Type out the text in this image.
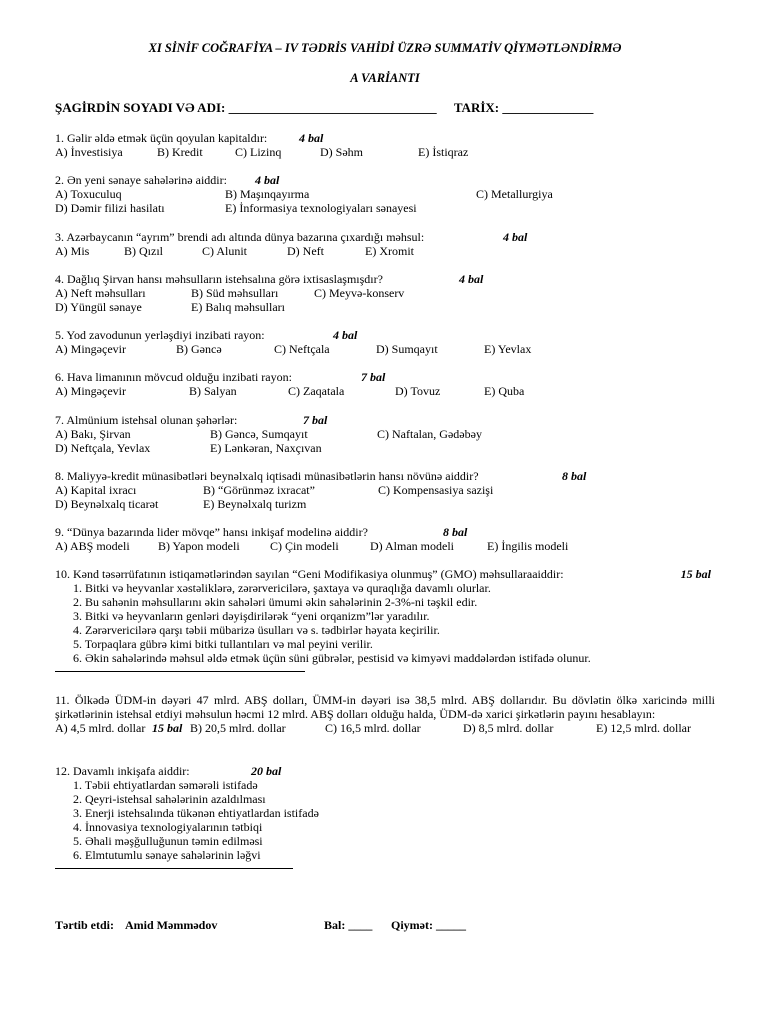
XI SİNİF COĞRAFİYA – IV TƏDRİS VAHİDİ ÜZRƏ SUMMATİV QİYMƏTLƏNDİRMƏ
A VARİANTI
ŞAGİRDİN SOYADI VƏ ADI: ________________________________ TARİX: ______________
1. Gəlir əldə etmək üçün qoyulan kapitaldır:	4 bal
A) İnvestisiya	B) Kredit	C) Lizinq	D) Səhm	E) İstiqraz
2. Ən yeni sənaye sahələrinə aiddir: 4 bal
A) Toxuculuq	B) Maşınqayırma	C) Metallurgiya
D) Dəmir filizi hasilatı	E) İnformasiya texnologiyaları sənayesi
3. Azərbaycanın “ayrım” brendi adı altında dünya bazarına çıxardığı məhsul:	4 bal
A) Mis	B) Qızıl	C) Alunit	D) Neft	E) Xromit
4. Dağlıq Şirvan hansı məhsulların istehsalına görə ixtisaslaşmışdır?	4 bal
A) Neft məhsulları	B) Süd məhsulları	C) Meyvə-konserv
D) Yüngül sənaye	E) Balıq məhsulları
5. Yod zavodunun yerləşdiyi inzibati rayon:	4 bal
A) Mingəçevir	B) Gəncə	C) Neftçala	D) Sumqayıt	E) Yevlax
6. Hava limanının mövcud olduğu inzibati rayon:	7 bal
A) Mingəçevir	B) Salyan	C) Zaqatala	D) Tovuz	E) Quba
7. Almünium istehsal olunan şəhərlər:	7 bal
A) Bakı, Şirvan	B) Gəncə, Sumqayıt	C) Naftalan, Gədəbəy
D) Neftçala, Yevlax	E) Lənkəran, Naxçıvan
8. Maliyyə-kredit münasibətləri beynəlxalq iqtisadi münasibətlərin hansı növünə aiddir?	8 bal
A) Kapital ixracı	B) “Görünməz ixracat”	C) Kompensasiya sazişi
D) Beynəlxalq ticarət	E) Beynəlxalq turizm
9. “Dünya bazarında lider mövqe” hansı inkişaf modelinə aiddir?	8 bal
A) ABŞ modeli B) Yapon modeli	C) Çin modeli	D) Alman modeli	E) İngilis modeli
10. Kənd təsərrüfatının istiqamətlərindən sayılan “Geni Modifikasiya olunmuş” (GMO) məhsullaraaiddir:	15 bal
1. Bitki və heyvanlar xəstəliklərə, zərərvericilərə, şaxtaya və quraqlığa davamlı olurlar.
2. Bu sahənin məhsullarını əkin sahələri ümumi əkin sahələrinin 2-3%-ni təşkil edir.
3. Bitki və heyvanların genləri dəyişdirilərək “yeni orqanizm”lər yaradılır.
4. Zərərvericilərə qarşı təbii mübarizə üsulları və s. tədbirlər həyata keçirilir.
5. Torpaqlara gübrə kimi bitki tullantıları və mal peyini verilir.
6. Əkin sahələrində məhsul əldə etmək üçün süni gübrələr, pestisid və kimyəvi maddələrdən istifadə olunur.
11. Ölkədə ÜDM-in dəyəri 47 mlrd. ABŞ dolları, ÜMM-in dəyəri isə 38,5 mlrd. ABŞ dollarıdır. Bu dövlətin ölkə xaricində milli şirkətlərinin istehsal etdiyi məhsulun həcmi 12 mlrd. ABŞ dolları olduğu halda, ÜDM-də xarici şirkətlərin payını hesablayın:
15 bal
A) 4,5 mlrd. dollar	B) 20,5 mlrd. dollar	C) 16,5 mlrd. dollar	D) 8,5 mlrd. dollar	E) 12,5 mlrd. dollar
12. Davamlı inkişafa aiddir:	20 bal
1. Təbii ehtiyatlardan səmərəli istifadə
2. Qeyri-istehsal sahələrinin azaldılması
3. Enerji istehsalında tükənən ehtiyatlardan istifadə
4. İnnovasiya texnologiyalarının tətbiqi
5. Əhali məşğulluğunun təmin edilməsi
6. Elmtutumlu sənaye sahələrinin ləğvi
Tərtib etdi: Amid Məmmədov	Bal: ____ Qiymət: _____
